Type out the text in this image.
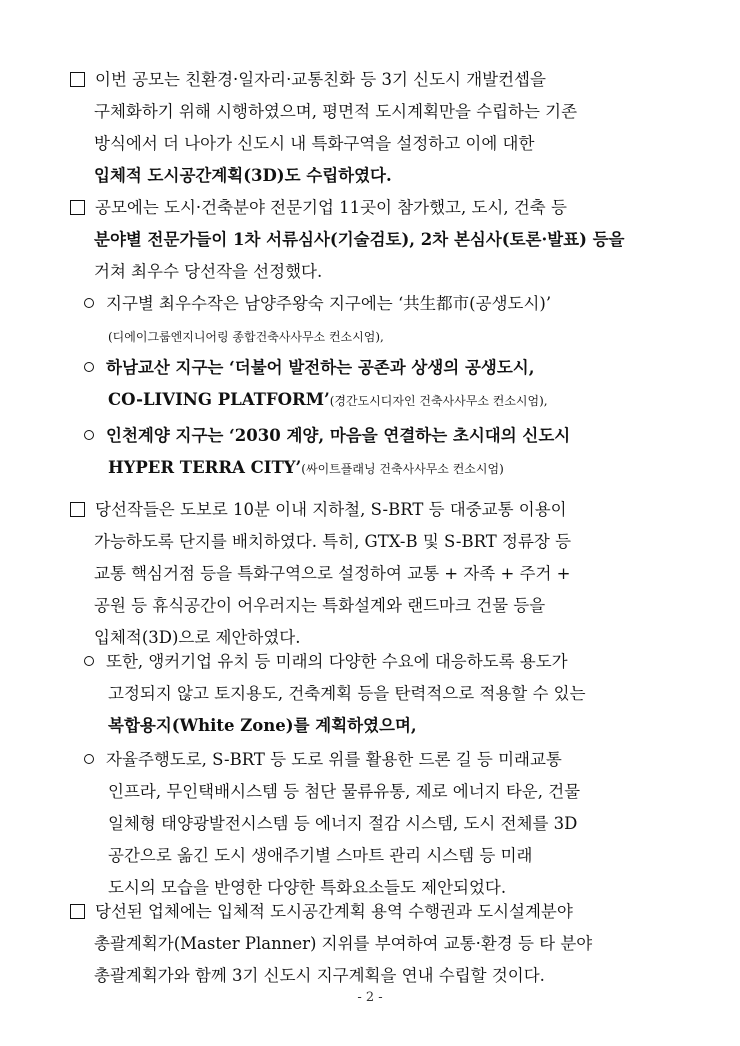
이번 공모는 친환경·일자리·교통친화 등 3기 신도시 개발컨셉을
구체화하기 위해 시행하였으며, 평면적 도시계획만을 수립하는 기존
방식에서 더 나아가 신도시 내 특화구역을 설정하고 이에 대한
입체적 도시공간계획(3D)도 수립하였다.
공모에는 도시·건축분야 전문기업 11곳이 참가했고, 도시, 건축 등
분야별 전문가들이 1차 서류심사(기술검토), 2차 본심사(토론·발표) 등을
거쳐 최우수 당선작을 선정했다.
지구별 최우수작은 남양주왕숙 지구에는 ‘共生都市(공생도시)’
(디에이그룹엔지니어링 종합건축사사무소 컨소시엄),
하남교산 지구는 ‘더불어 발전하는 공존과 상생의 공생도시,
CO-LIVING PLATFORM’(경간도시디자인 건축사사무소 컨소시엄),
인천계양 지구는 ‘2030 계양, 마음을 연결하는 초시대의 신도시
HYPER TERRA CITY’(싸이트플래닝 건축사사무소 컨소시엄)
당선작들은 도보로 10분 이내 지하철, S-BRT 등 대중교통 이용이
가능하도록 단지를 배치하였다. 특히, GTX-B 및 S-BRT 정류장 등
교통 핵심거점 등을 특화구역으로 설정하여 교통 + 자족 + 주거 +
공원 등 휴식공간이 어우러지는 특화설계와 랜드마크 건물 등을
입체적(3D)으로 제안하였다.
또한, 앵커기업 유치 등 미래의 다양한 수요에 대응하도록 용도가
고정되지 않고 토지용도, 건축계획 등을 탄력적으로 적용할 수 있는
복합용지(White Zone)를 계획하였으며,
자율주행도로, S-BRT 등 도로 위를 활용한 드론 길 등 미래교통
인프라, 무인택배시스템 등 첨단 물류유통, 제로 에너지 타운, 건물
일체형 태양광발전시스템 등 에너지 절감 시스템, 도시 전체를 3D
공간으로 옮긴 도시 생애주기별 스마트 관리 시스템 등 미래
도시의 모습을 반영한 다양한 특화요소들도 제안되었다.
당선된 업체에는 입체적 도시공간계획 용역 수행권과 도시설계분야
총괄계획가(Master Planner) 지위를 부여하여 교통·환경 등 타 분야
총괄계획가와 함께 3기 신도시 지구계획을 연내 수립할 것이다.
- 2 -
